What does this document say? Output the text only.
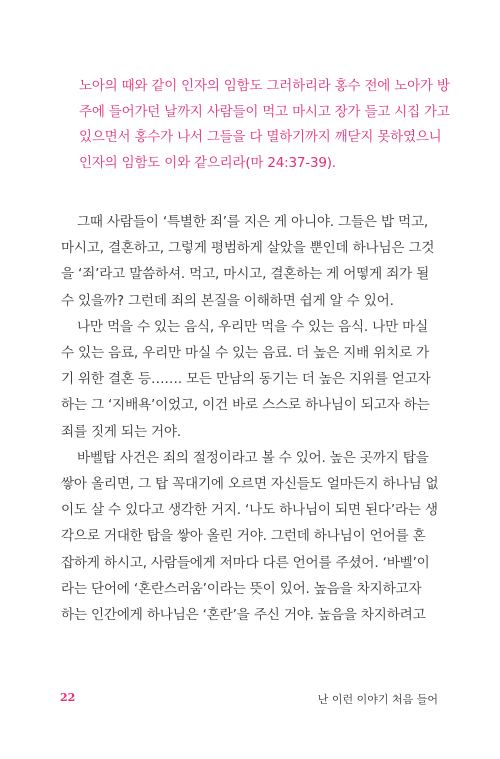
노아의 때와 같이 인자의 임함도 그러하리라 홍수 전에 노아가 방
주에 들어가던 날까지 사람들이 먹고 마시고 장가 들고 시집 가고
있으면서 홍수가 나서 그들을 다 멸하기까지 깨닫지 못하였으니
인자의 임함도 이와 같으리라(마 24:37-39).
그때 사람들이 ‘특별한 죄’를 지은 게 아니야. 그들은 밥 먹고,
마시고, 결혼하고, 그렇게 평범하게 살았을 뿐인데 하나님은 그것
을 ‘죄’라고 말씀하셔. 먹고, 마시고, 결혼하는 게 어떻게 죄가 될
수 있을까? 그런데 죄의 본질을 이해하면 쉽게 알 수 있어.
나만 먹을 수 있는 음식, 우리만 먹을 수 있는 음식. 나만 마실
수 있는 음료, 우리만 마실 수 있는 음료. 더 높은 지배 위치로 가
기 위한 결혼 등……. 모든 만남의 동기는 더 높은 지위를 얻고자
하는 그 ‘지배욕’이었고, 이건 바로 스스로 하나님이 되고자 하는
죄를 짓게 되는 거야.
바벨탑 사건은 죄의 절정이라고 볼 수 있어. 높은 곳까지 탑을
쌓아 올리면, 그 탑 꼭대기에 오르면 자신들도 얼마든지 하나님 없
이도 살 수 있다고 생각한 거지. ‘나도 하나님이 되면 된다’라는 생
각으로 거대한 탑을 쌓아 올린 거야. 그런데 하나님이 언어를 혼
잡하게 하시고, 사람들에게 저마다 다른 언어를 주셨어. ‘바벨’이
라는 단어에 ‘혼란스러움’이라는 뜻이 있어. 높음을 차지하고자
하는 인간에게 하나님은 ‘혼란’을 주신 거야. 높음을 차지하려고
22	난 이런 이야기 처음 들어
